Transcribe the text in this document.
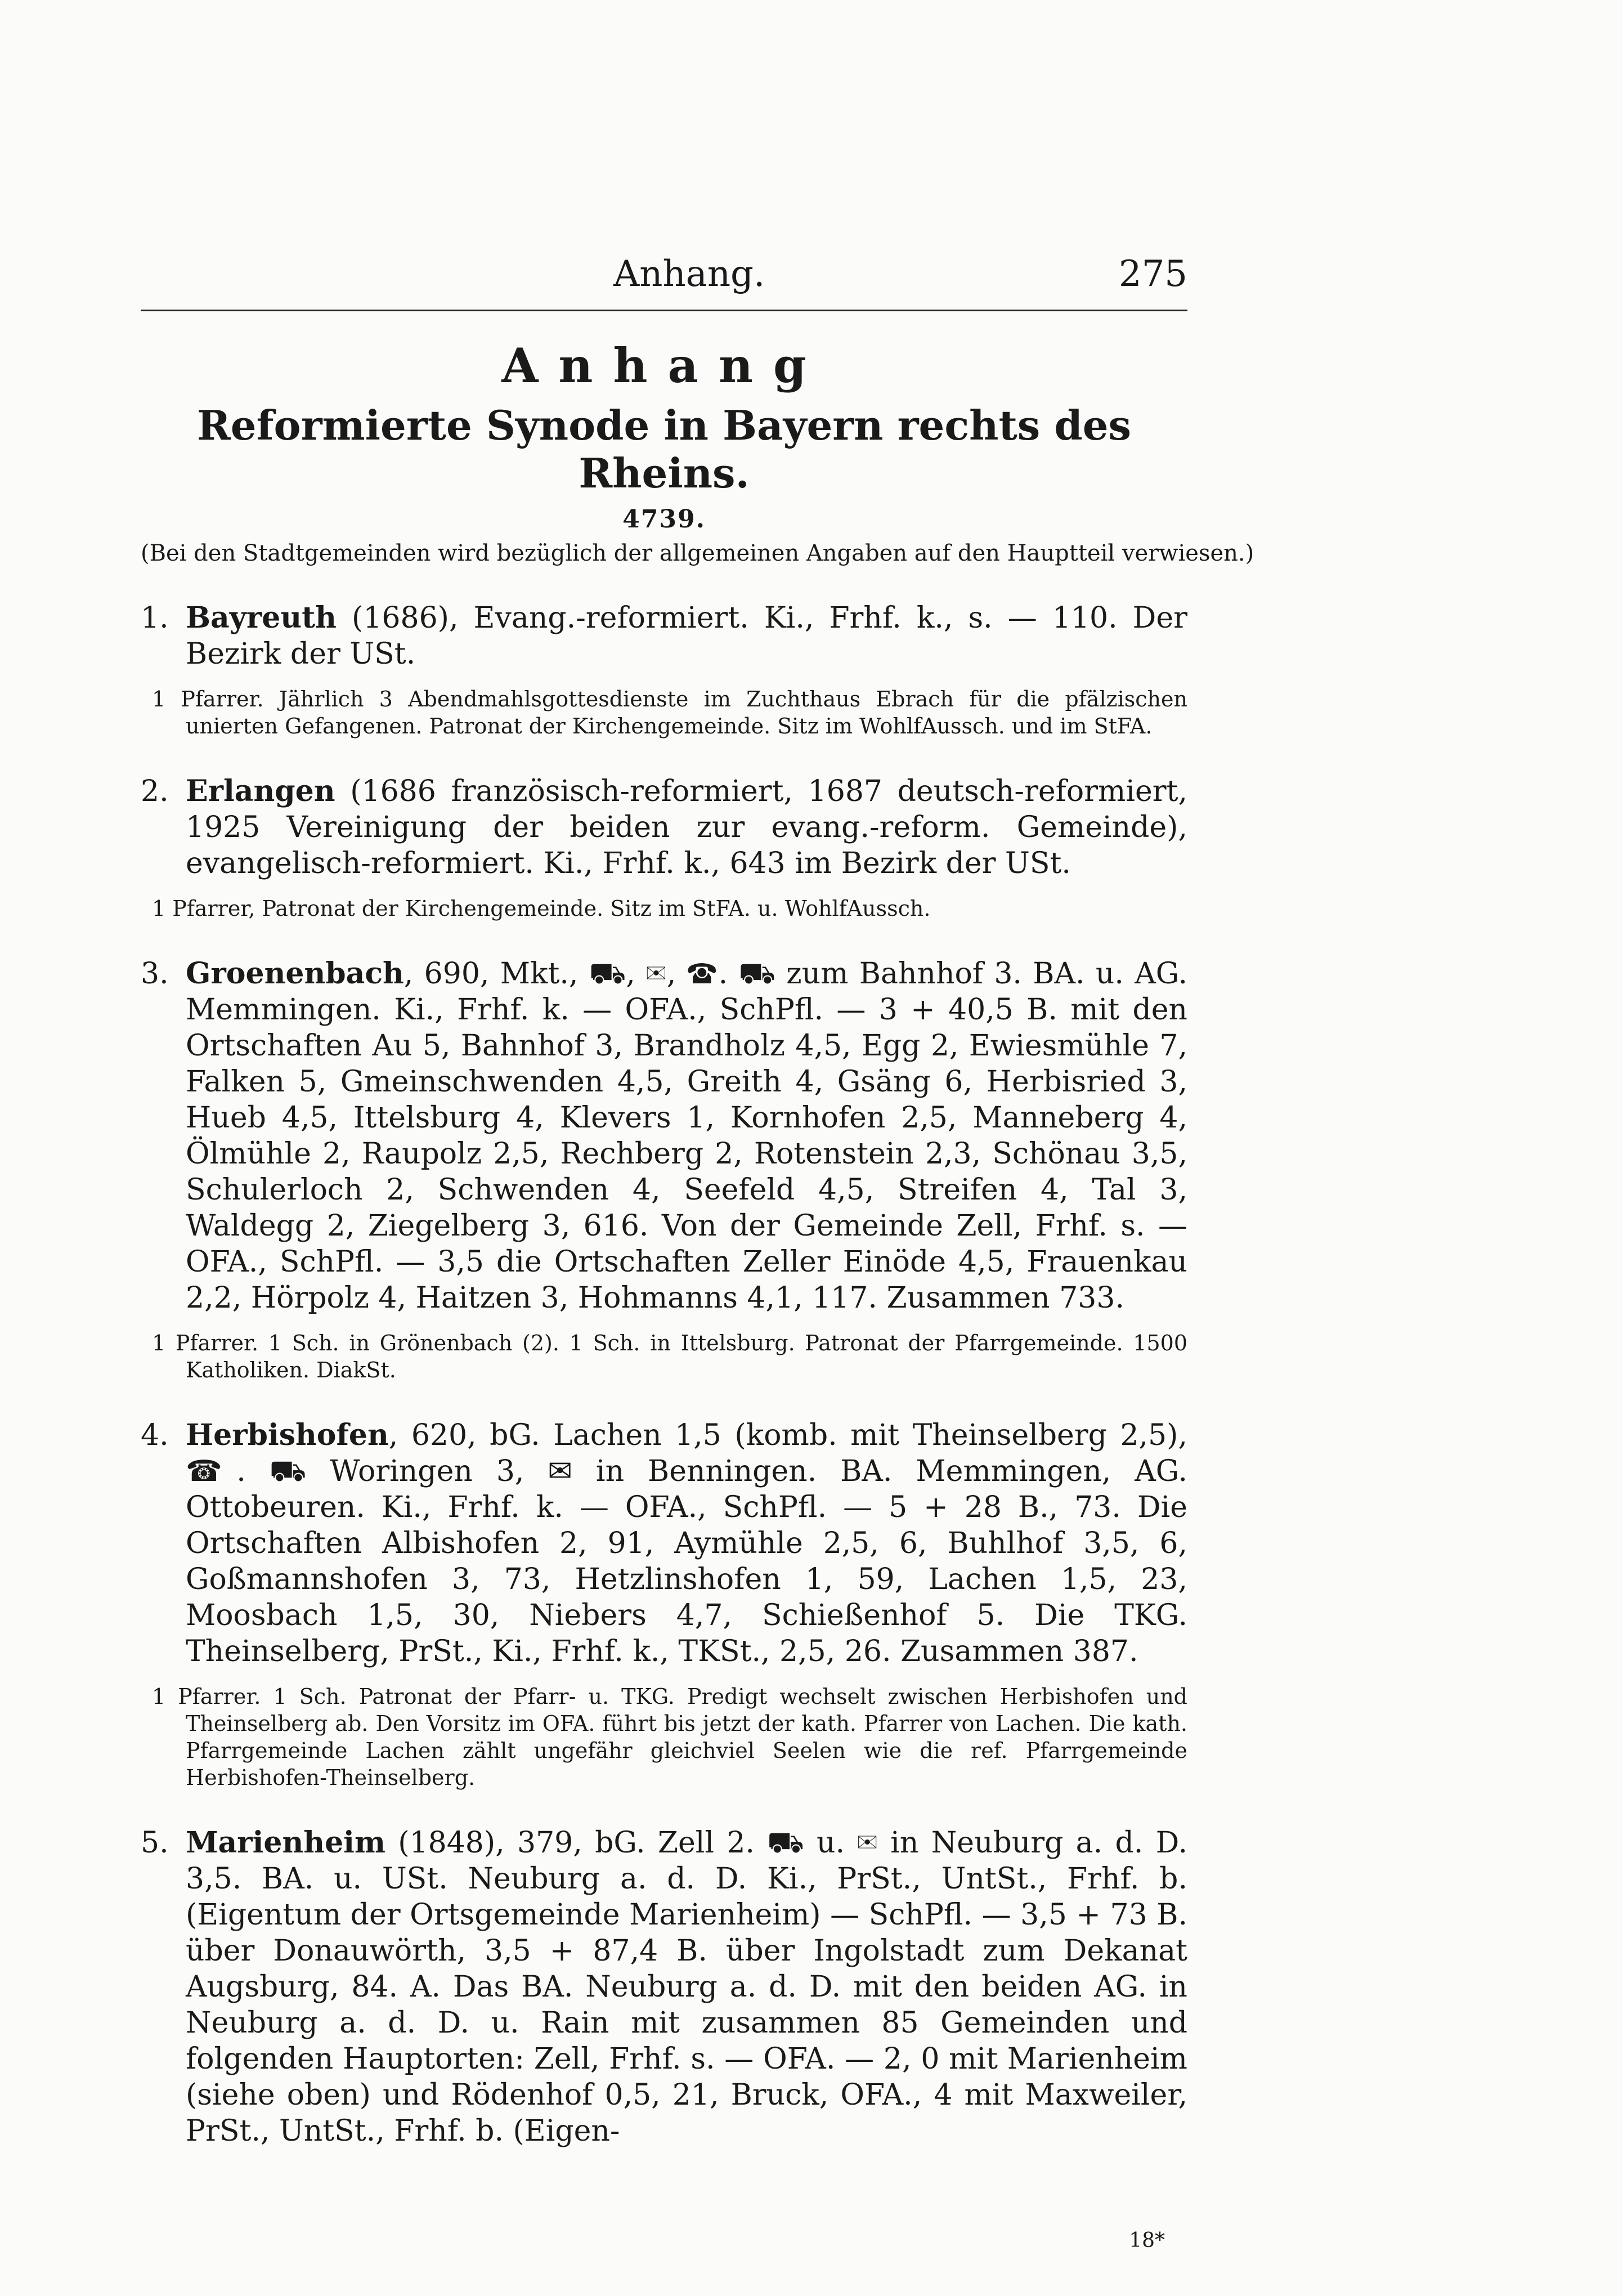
Anhang.	275
Anhang
Reformierte Synode in Bayern rechts des Rheins.
4739.
(Bei den Stadtgemeinden wird bezüglich der allgemeinen Angaben auf den Hauptteil verwiesen.)
1. Bayreuth (1686), Evang.-reformiert. Ki., Frhf. k., s. — 110. Der Bezirk der USt.
1 Pfarrer. Jährlich 3 Abendmahlsgottesdienste im Zuchthaus Ebrach für die pfälzischen unierten Gefangenen. Patronat der Kirchengemeinde. Sitz im WohlfAussch. und im StFA.
2. Erlangen (1686 französisch-reformiert, 1687 deutsch-reformiert, 1925 Vereinigung der beiden zur evang.-reform. Gemeinde), evangelisch-reformiert. Ki., Frhf. k., 643 im Bezirk der USt.
1 Pfarrer, Patronat der Kirchengemeinde. Sitz im StFA. u. WohlfAussch.
3. Groenenbach, 690, Mkt., ⛟, ✉, ☎. ⛟ zum Bahnhof 3. BA. u. AG. Memmingen. Ki., Frhf. k. — OFA., SchPfl. — 3 + 40,5 B. mit den Ortschaften Au 5, Bahnhof 3, Brandholz 4,5, Egg 2, Ewiesmühle 7, Falken 5, Gmeinschwenden 4,5, Greith 4, Gsäng 6, Herbisried 3, Hueb 4,5, Ittelsburg 4, Klevers 1, Kornhofen 2,5, Manneberg 4, Ölmühle 2, Raupolz 2,5, Rechberg 2, Rotenstein 2,3, Schönau 3,5, Schulerloch 2, Schwenden 4, Seefeld 4,5, Streifen 4, Tal 3, Waldegg 2, Ziegelberg 3, 616. Von der Gemeinde Zell, Frhf. s. — OFA., SchPfl. — 3,5 die Ortschaften Zeller Einöde 4,5, Frauenkau 2,2, Hörpolz 4, Haitzen 3, Hohmanns 4,1, 117. Zusammen 733.
1 Pfarrer. 1 Sch. in Grönenbach (2). 1 Sch. in Ittelsburg. Patronat der Pfarrgemeinde. 1500 Katholiken. DiakSt.
4. Herbishofen, 620, bG. Lachen 1,5 (komb. mit Theinselberg 2,5), ☎. ⛟ Woringen 3, ✉ in Benningen. BA. Memmingen, AG. Ottobeuren. Ki., Frhf. k. — OFA., SchPfl. — 5 + 28 B., 73. Die Ortschaften Albishofen 2, 91, Aymühle 2,5, 6, Buhlhof 3,5, 6, Goßmannshofen 3, 73, Hetzlinshofen 1, 59, Lachen 1,5, 23, Moosbach 1,5, 30, Niebers 4,7, Schießenhof 5. Die TKG. Theinselberg, PrSt., Ki., Frhf. k., TKSt., 2,5, 26. Zusammen 387.
1 Pfarrer. 1 Sch. Patronat der Pfarr- u. TKG. Predigt wechselt zwischen Herbishofen und Theinselberg ab. Den Vorsitz im OFA. führt bis jetzt der kath. Pfarrer von Lachen. Die kath. Pfarrgemeinde Lachen zählt ungefähr gleichviel Seelen wie die ref. Pfarrgemeinde Herbishofen-Theinselberg.
5. Marienheim (1848), 379, bG. Zell 2. ⛟ u. ✉ in Neuburg a. d. D. 3,5. BA. u. USt. Neuburg a. d. D. Ki., PrSt., UntSt., Frhf. b. (Eigentum der Ortsgemeinde Marienheim) — SchPfl. — 3,5 + 73 B. über Donauwörth, 3,5 + 87,4 B. über Ingolstadt zum Dekanat Augsburg, 84. A. Das BA. Neuburg a. d. D. mit den beiden AG. in Neuburg a. d. D. u. Rain mit zusammen 85 Gemeinden und folgenden Hauptorten: Zell, Frhf. s. — OFA. — 2, 0 mit Marienheim (siehe oben) und Rödenhof 0,5, 21, Bruck, OFA., 4 mit Maxweiler, PrSt., UntSt., Frhf. b. (Eigen-
18*
